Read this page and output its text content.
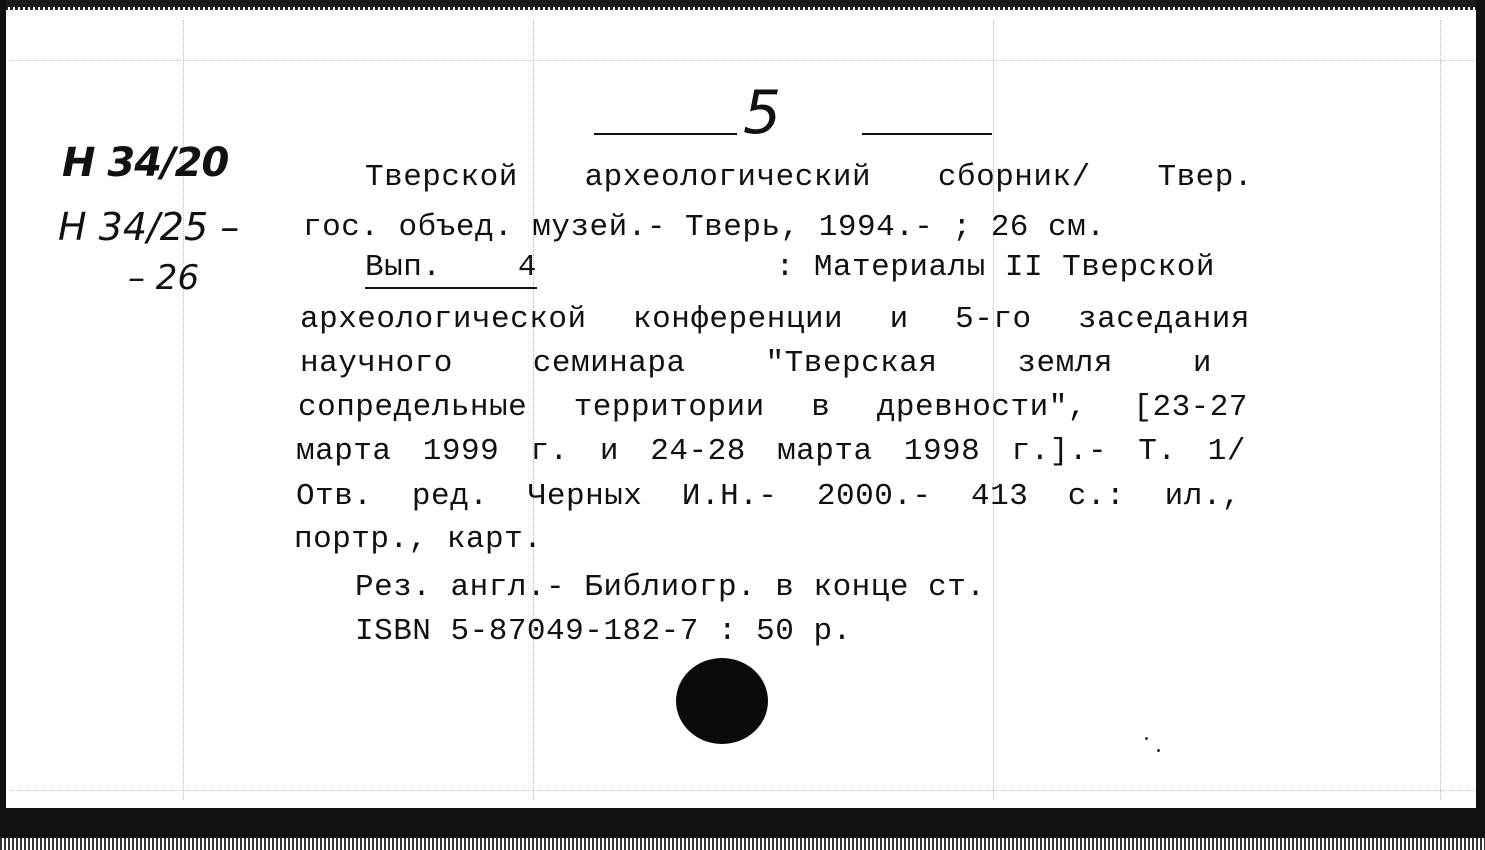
Н 34/20
Н 34/25 –
– 26
5
Тверской археологический сборник/ Твер.
гос. объед. музей.- Тверь, 1994.- ; 26 см.
Вып. 4	: Материалы II Тверской
археологической конференции и 5-го заседания
научного семинара "Тверская земля и
сопредельные территории в древности", [23-27
марта 1999 г. и 24-28 марта 1998 г.].- Т. 1/
Отв. ред. Черных И.Н.- 2000.- 413 с.: ил.,
портр., карт.
Рез. англ.- Библиогр. в конце ст.
ISBN 5-87049-182-7 : 50 р.
